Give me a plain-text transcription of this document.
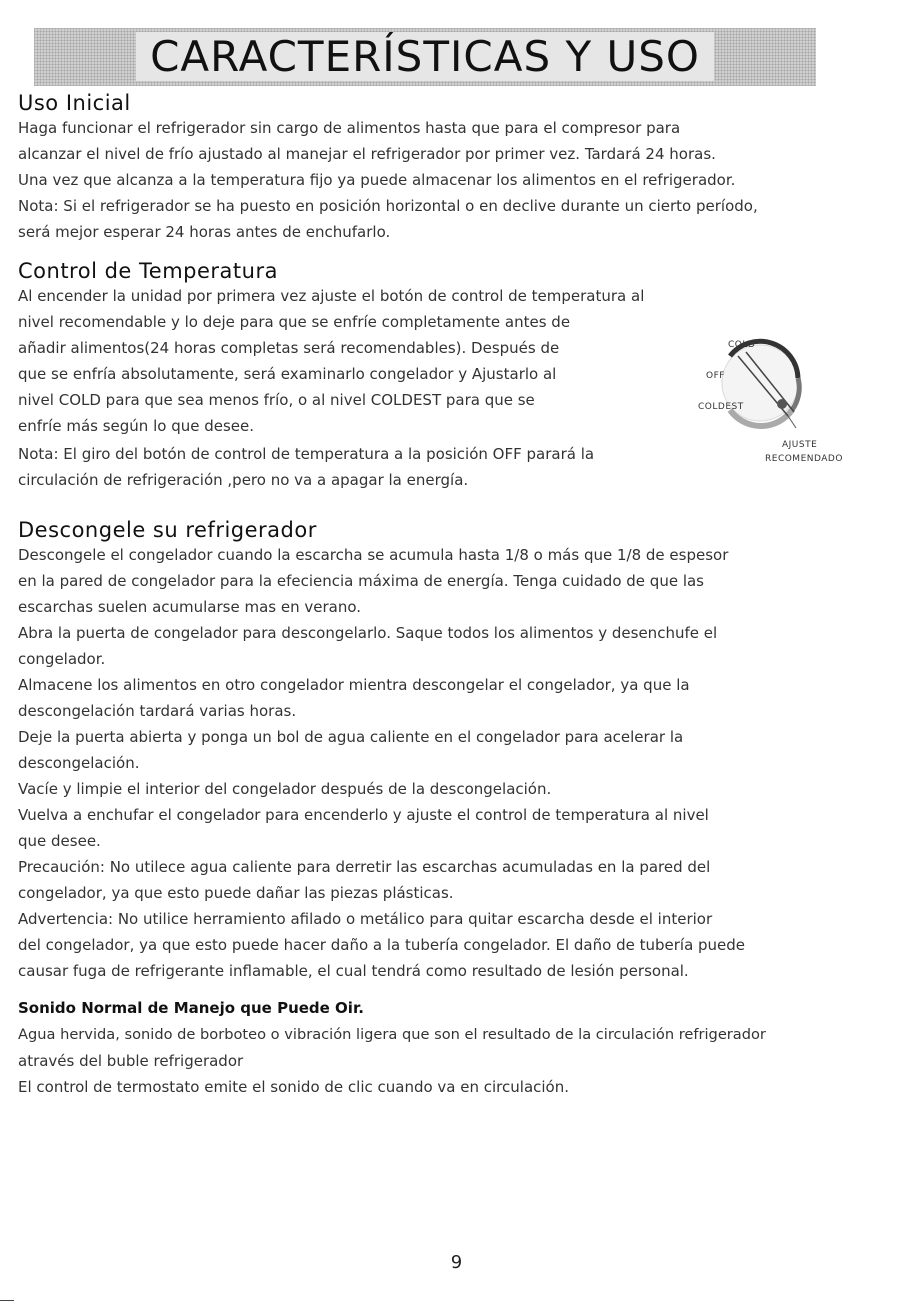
CARACTERÍSTICAS Y USO
Uso Inicial

Haga funcionar el refrigerador sin cargo de alimentos hasta que para el compresor para

alcanzar el nivel de frío ajustado al manejar el refrigerador por primer vez. Tardará 24 horas.

Una vez que alcanza a la temperatura fijo ya puede almacenar los alimentos en el refrigerador.

Nota: Si el refrigerador se ha puesto en posición horizontal o en declive durante un cierto período,

será mejor esperar 24 horas antes de enchufarlo.

Control de Temperatura

Al encender la unidad por primera vez ajuste el botón de control de temperatura al

nivel recomendable y lo deje para que se enfríe completamente antes de

añadir alimentos(24 horas completas será recomendables). Después de

que se enfría absolutamente, será examinarlo congelador y Ajustarlo al

nivel COLD para que sea menos frío, o al nivel COLDEST para que se

enfríe más según lo que desee.

Nota: El giro del botón de control de temperatura a la posición OFF parará la

circulación de refrigeración ,pero no va a apagar la energía.

COLD
OFF
COLDEST
AJUSTE
RECOMENDADO
Descongele su refrigerador

Descongele el congelador cuando la escarcha se acumula hasta 1/8 o más que 1/8 de espesor

en la pared de congelador para la efeciencia máxima de energía. Tenga cuidado de que las

escarchas suelen acumularse mas en verano.

Abra la puerta de congelador para descongelarlo. Saque todos los alimentos y desenchufe el

congelador.

Almacene los alimentos en otro congelador mientra descongelar el congelador, ya que la

descongelación tardará varias horas.

Deje la puerta abierta y ponga un bol de agua caliente en el congelador para acelerar la

descongelación.

Vacíe y limpie el interior del congelador después de la descongelación.

Vuelva a enchufar el congelador para encenderlo y ajuste el control de temperatura al nivel

que desee.

Precaución: No utilece agua caliente para derretir las escarchas acumuladas en la pared del

congelador, ya que esto puede dañar las piezas plásticas.

Advertencia: No utilice herramiento afilado o metálico para quitar escarcha desde el interior

del congelador, ya que esto puede hacer daño a la tubería congelador. El daño de tubería puede

causar fuga de refrigerante inflamable, el cual tendrá como resultado de lesión personal.

Sonido Normal de Manejo que Puede Oir.

Agua hervida, sonido de borboteo o vibración ligera que son el resultado de la circulación refrigerador

através del buble refrigerador

El control de termostato emite el sonido de clic cuando va en circulación.

9
